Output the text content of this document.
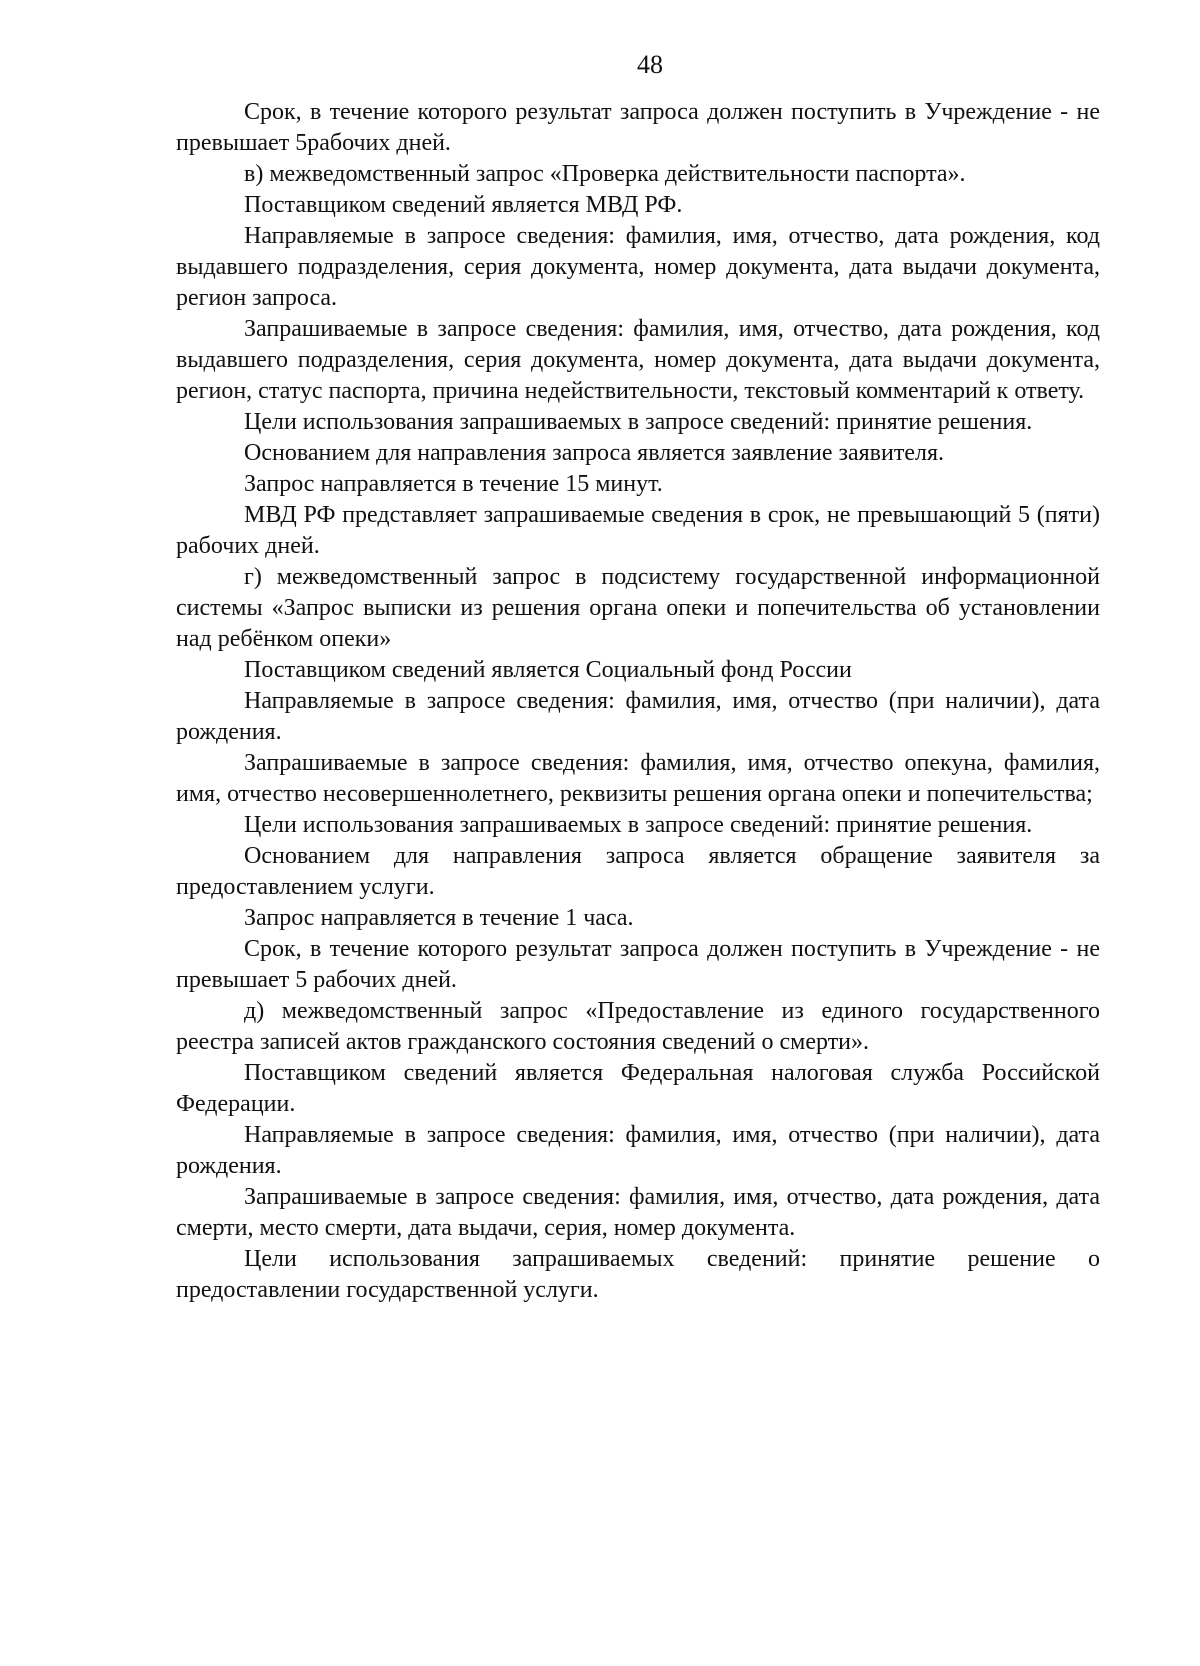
48

Срок, в течение которого результат запроса должен поступить в Учреждение - не превышает 5рабочих дней.

в) межведомственный запрос «Проверка действительности паспорта».

Поставщиком сведений является МВД РФ.

Направляемые в запросе сведения: фамилия, имя, отчество, дата рождения, код выдавшего подразделения, серия документа, номер документа, дата выдачи документа, регион запроса.

Запрашиваемые в запросе сведения: фамилия, имя, отчество, дата рождения, код выдавшего подразделения, серия документа, номер документа, дата выдачи документа, регион, статус паспорта, причина недействительности, текстовый комментарий к ответу.

Цели использования запрашиваемых в запросе сведений: принятие решения.

Основанием для направления запроса является заявление заявителя.

Запрос направляется в течение 15 минут.

МВД РФ представляет запрашиваемые сведения в срок, не превышающий 5 (пяти) рабочих дней.

г) межведомственный запрос в подсистему государственной информационной системы «Запрос выписки из решения органа опеки и попечительства об установлении над ребёнком опеки»

Поставщиком сведений является Социальный фонд России

Направляемые в запросе сведения: фамилия, имя, отчество (при наличии), дата рождения.

Запрашиваемые в запросе сведения: фамилия, имя, отчество опекуна, фамилия, имя, отчество несовершеннолетнего, реквизиты решения органа опеки и попечительства;

Цели использования запрашиваемых в запросе сведений: принятие решения.

Основанием для направления запроса является обращение заявителя за предоставлением услуги.

Запрос направляется в течение 1 часа.

Срок, в течение которого результат запроса должен поступить в Учреждение - не превышает 5 рабочих дней.

д) межведомственный запрос «Предоставление из единого государственного реестра записей актов гражданского состояния сведений о смерти».

Поставщиком сведений является Федеральная налоговая служба Российской Федерации.

Направляемые в запросе сведения: фамилия, имя, отчество (при наличии), дата рождения.

Запрашиваемые в запросе сведения: фамилия, имя, отчество, дата рождения, дата смерти, место смерти, дата выдачи, серия, номер документа.

Цели использования запрашиваемых сведений: принятие решение о предоставлении государственной услуги.
